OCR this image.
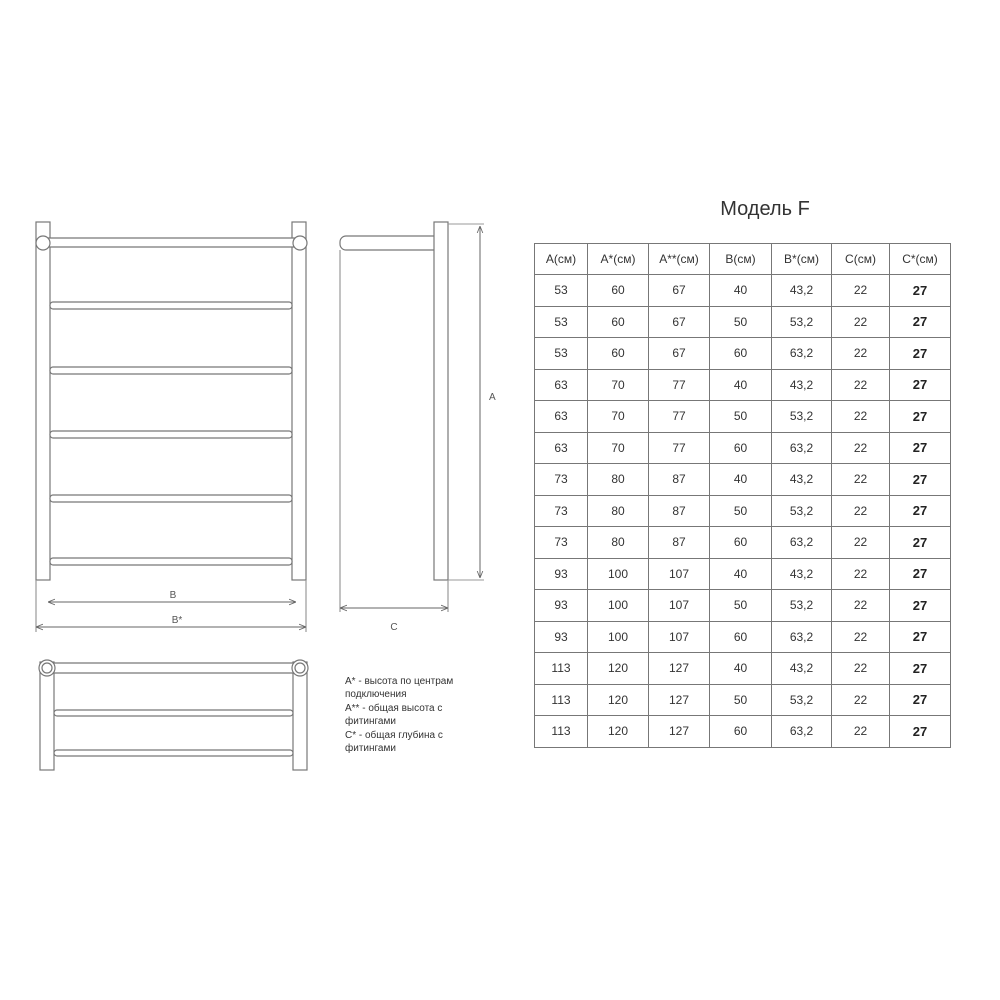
B
B*
C
A
Модель F
A* - высота по центрам подключения
A** - общая высота с фитингами
C* - общая глубина с фитингами
A(см)	A*(см)	A**(см)	B(см)	B*(см)	C(см)	C*(см)
53	60	67	40	43,2	22	27
53	60	67	50	53,2	22	27
53	60	67	60	63,2	22	27
63	70	77	40	43,2	22	27
63	70	77	50	53,2	22	27
63	70	77	60	63,2	22	27
73	80	87	40	43,2	22	27
73	80	87	50	53,2	22	27
73	80	87	60	63,2	22	27
93	100	107	40	43,2	22	27
93	100	107	50	53,2	22	27
93	100	107	60	63,2	22	27
113	120	127	40	43,2	22	27
113	120	127	50	53,2	22	27
113	120	127	60	63,2	22	27
